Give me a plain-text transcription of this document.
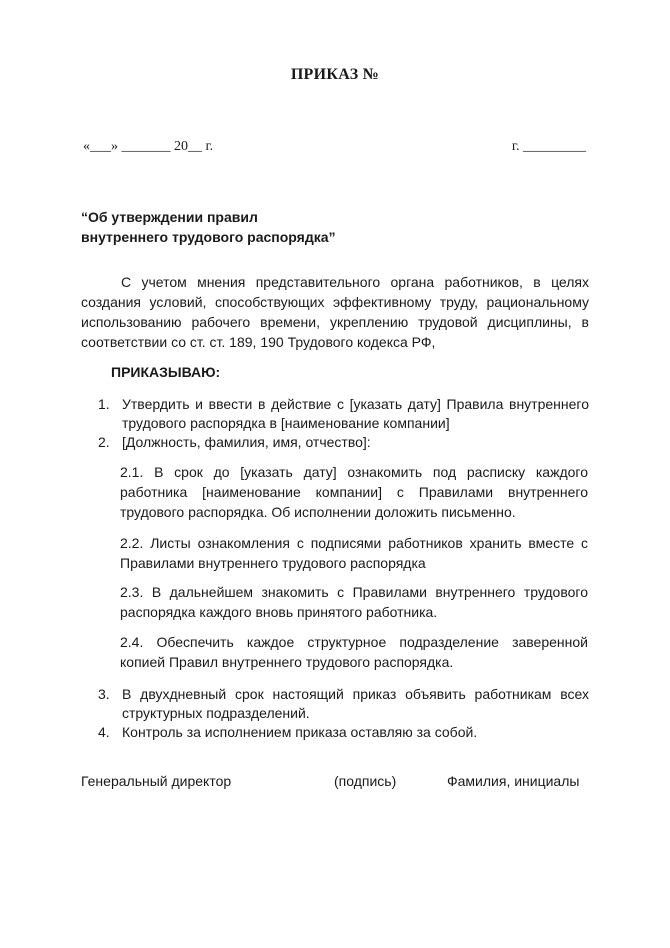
ПРИКАЗ №
«___» _______ 20__ г.	г. _________
“Об утверждении правил
внутреннего трудового распорядка”
С учетом мнения представительного органа работников, в целях создания условий, способствующих эффективному труду, рациональному использованию рабочего времени, укреплению трудовой дисциплины, в соответствии со ст. ст. 189, 190 Трудового кодекса РФ,
ПРИКАЗЫВАЮ:
1. Утвердить и ввести в действие с [указать дату] Правила внутреннего трудового распорядка в [наименование компании]
2. [Должность, фамилия, имя, отчество]:
2.1. В срок до [указать дату] ознакомить под расписку каждого работника [наименование компании] с Правилами внутреннего трудового распорядка. Об исполнении доложить письменно.
2.2. Листы ознакомления с подписями работников хранить вместе с Правилами внутреннего трудового распорядка
2.3. В дальнейшем знакомить с Правилами внутреннего трудового распорядка каждого вновь принятого работника.
2.4. Обеспечить каждое структурное подразделение заверенной копией Правил внутреннего трудового распорядка.
3. В двухдневный срок настоящий приказ объявить работникам всех структурных подразделений.
4. Контроль за исполнением приказа оставляю за собой.
Генеральный директор	(подпись)	Фамилия, инициалы
